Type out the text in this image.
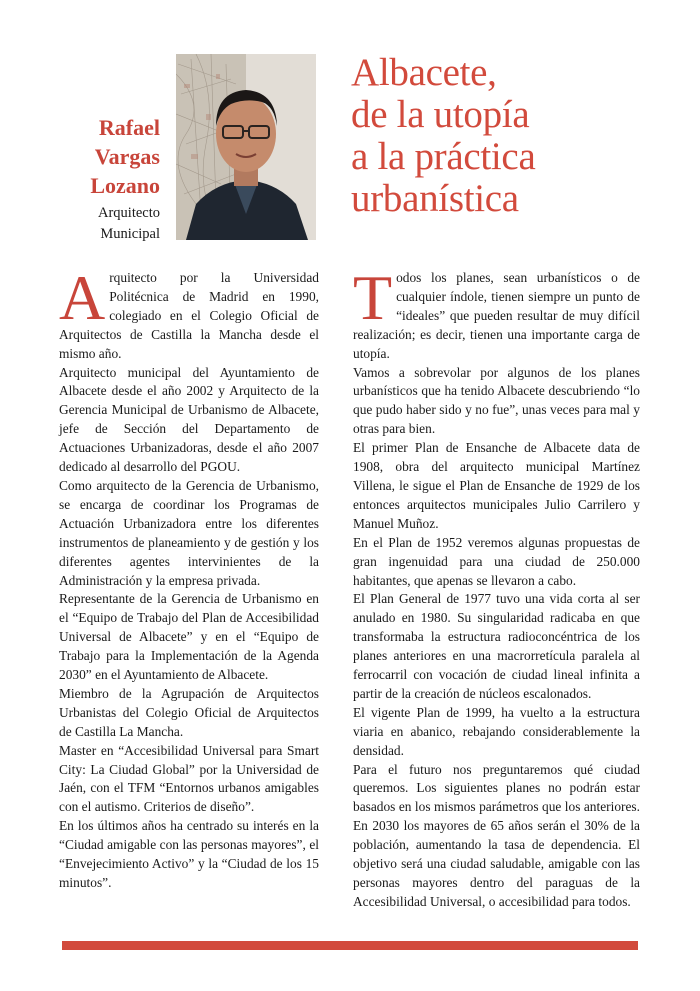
Rafael
Vargas
Lozano
Arquitecto
Municipal
Albacete,
de la utopía
a la práctica
urbanística

Arquitecto por la Universidad Politécnica de Madrid en 1990, colegiado en el Colegio Oficial de Arquitectos de Castilla la Mancha desde el mismo año.

Arquitecto municipal del Ayuntamiento de Albacete desde el año 2002 y Arquitecto de la Gerencia Municipal de Urbanismo de Albacete, jefe de Sección del Departamento de Actuaciones Urbanizadoras, desde el año 2007 dedicado al desarrollo del PGOU.

Como arquitecto de la Gerencia de Urbanismo, se encarga de coordinar los Programas de Actuación Urbanizadora entre los diferentes instrumentos de planeamiento y de gestión y los diferentes agentes intervinientes de la Administración y la empresa privada.

Representante de la Gerencia de Urbanismo en el “Equipo de Trabajo del Plan de Accesibilidad Universal de Albacete” y en el “Equipo de Trabajo para la Implementación de la Agenda 2030” en el Ayuntamiento de Albacete.

Miembro de la Agrupación de Arquitectos Urbanistas del Colegio Oficial de Arquitectos de Castilla La Mancha.

Master en “Accesibilidad Universal para Smart City: La Ciudad Global” por la Universidad de Jaén, con el TFM “Entornos urbanos amigables con el autismo. Criterios de diseño”.

En los últimos años ha centrado su interés en la “Ciudad amigable con las personas mayores”, el “Envejecimiento Activo” y la “Ciudad de los 15 minutos”.

Todos los planes, sean urbanísticos o de cualquier índole, tienen siempre un punto de “ideales” que pueden resultar de muy difícil realización; es decir, tienen una importante carga de utopía.

Vamos a sobrevolar por algunos de los planes urbanísticos que ha tenido Albacete descubriendo “lo que pudo haber sido y no fue”, unas veces para mal y otras para bien.

El primer Plan de Ensanche de Albacete data de 1908, obra del arquitecto municipal Martínez Villena, le sigue el Plan de Ensanche de 1929 de los entonces arquitectos municipales Julio Carrilero y Manuel Muñoz.

En el Plan de 1952 veremos algunas propuestas de gran ingenuidad para una ciudad de 250.000 habitantes, que apenas se llevaron a cabo.

El Plan General de 1977 tuvo una vida corta al ser anulado en 1980. Su singularidad radicaba en que transformaba la estructura radioconcéntrica de los planes anteriores en una macrorretícula paralela al ferrocarril con vocación de ciudad lineal infinita a partir de la creación de núcleos escalonados.

El vigente Plan de 1999, ha vuelto a la estructura viaria en abanico, rebajando considerablemente la densidad.

Para el futuro nos preguntaremos qué ciudad queremos. Los siguientes planes no podrán estar basados en los mismos parámetros que los anteriores. En 2030 los mayores de 65 años serán el 30% de la población, aumentando la tasa de dependencia. El objetivo será una ciudad saludable, amigable con las personas mayores dentro del paraguas de la Accesibilidad Universal, o accesibilidad para todos.
